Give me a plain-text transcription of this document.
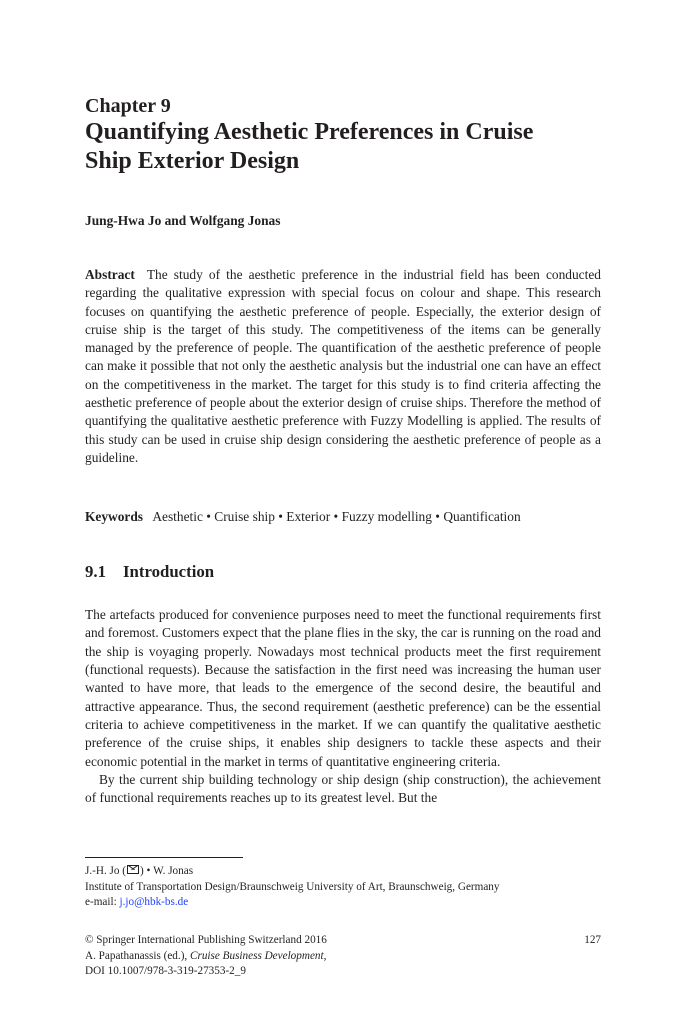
Chapter 9
Quantifying Aesthetic Preferences in Cruise
Ship Exterior Design

Jung-Hwa Jo and Wolfgang Jonas

Abstract The study of the aesthetic preference in the industrial field has been conducted regarding the qualitative expression with special focus on colour and shape. This research focuses on quantifying the aesthetic preference of people. Especially, the exterior design of cruise ship is the target of this study. The competitiveness of the items can be generally managed by the preference of people. The quantification of the aesthetic preference of people can make it possible that not only the aesthetic analysis but the industrial one can have an effect on the competitiveness in the market. The target for this study is to find criteria affecting the aesthetic preference of people about the exterior design of cruise ships. Therefore the method of quantifying the qualitative aesthetic preference with Fuzzy Modelling is applied. The results of this study can be used in cruise ship design considering the aesthetic preference of people as a guideline.

Keywords Aesthetic • Cruise ship • Exterior • Fuzzy modelling • Quantification

9.1 Introduction

The artefacts produced for convenience purposes need to meet the functional requirements first and foremost. Customers expect that the plane flies in the sky, the car is running on the road and the ship is voyaging properly. Nowadays most technical products meet the first requirement (functional requests). Because the satisfaction in the first need was increasing the human user wanted to have more, that leads to the emergence of the second desire, the beautiful and attractive appearance. Thus, the second requirement (aesthetic preference) can be the essential criteria to achieve competitiveness in the market. If we can quantify the qualitative aesthetic preference of the cruise ships, it enables ship designers to tackle these aspects and their economic potential in the market in terms of quantitative engineering criteria.

By the current ship building technology or ship design (ship construction), the achievement of functional requirements reaches up to its greatest level. But the

J.-H. Jo ( ) • W. Jonas
Institute of Transportation Design/Braunschweig University of Art, Braunschweig, Germany
e-mail: j.jo@hbk-bs.de
© Springer International Publishing Switzerland 2016	127
A. Papathanassis (ed.), Cruise Business Development,
DOI 10.1007/978-3-319-27353-2_9
